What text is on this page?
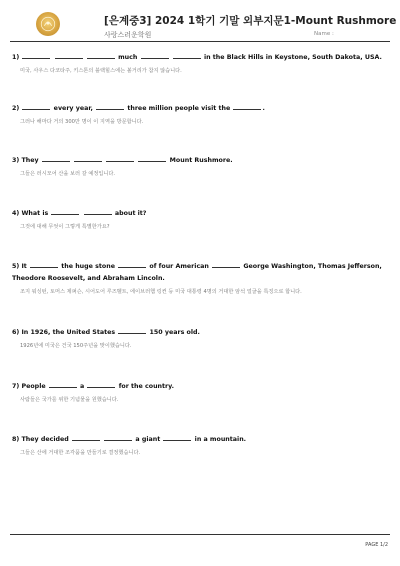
[은계중3] 2024 1학기 기말 외부지문1-Mount Rushmore
사랑스러운학원	Name :
1)	much	in the Black Hills in Keystone, South Dakota, USA.
미국, 사우스 다코타주, 키스톤의 블랙힐스에는 볼거리가 참지 않습니다.
2)	every year,	three million people visit the	.
그러나 해마다 거의 300만 명이 이 지역을 방문합니다.
3) They	Mount Rushmore.
그들은 러시모어 산을 보러 갈 예정입니다.
4) What is	about it?
그것에 대해 무엇이 그렇게 특별한가요?
5) It	the huge stone	of four American	George Washington, Thomas Jefferson,
Theodore Roosevelt, and Abraham Lincoln.
조지 워싱턴, 토머스 제퍼슨, 시어도어 루즈벨트, 에이브러햄 링컨 등 미국 대통령 4명의 거대한 암석 얼굴을 특징으로 합니다.
6) In 1926, the United States	150 years old.
1926년에 미국은 건국 150주년을 맞이했습니다.
7) People	a	for the country.
사람들은 국가를 위한 기념물을 원했습니다.
8) They decided	a giant	in a mountain.
그들은 산에 거대한 조각품을 만들기로 결정했습니다.
PAGE 1/2
